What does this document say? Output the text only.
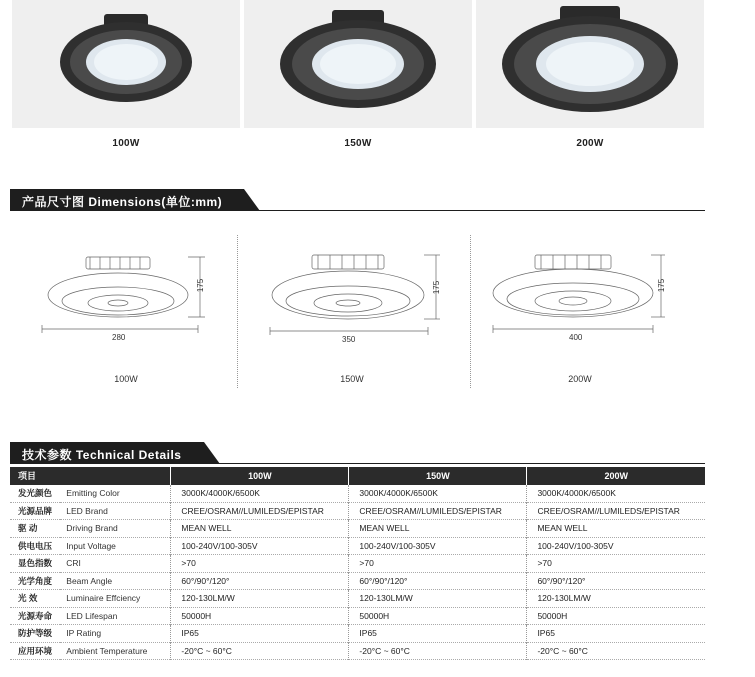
100W	150W	200W
产品尺寸图 Dimensions(单位:mm)
175
280
175
350
175
400
100W	150W	200W
技术参数 Technical Details
项目		100W	150W	200W
发光颜色	Emitting Color	3000K/4000K/6500K	3000K/4000K/6500K	3000K/4000K/6500K
光源品牌	LED Brand	CREE/OSRAM//LUMILEDS/EPISTAR	CREE/OSRAM//LUMILEDS/EPISTAR	CREE/OSRAM//LUMILEDS/EPISTAR
驱 动	Driving Brand	MEAN WELL	MEAN WELL	MEAN WELL
供电电压	Input Voltage	100-240V/100-305V	100-240V/100-305V	100-240V/100-305V
显色指数	CRI	>70	>70	>70
光学角度	Beam Angle	60°/90°/120°	60°/90°/120°	60°/90°/120°
光 效	Luminaire Effciency	120-130LM/W	120-130LM/W	120-130LM/W
光源寿命	LED Lifespan	50000H	50000H	50000H
防护等级	IP Rating	IP65	IP65	IP65
应用环境	Ambient Temperature	-20°C ~ 60°C	-20°C ~ 60°C	-20°C ~ 60°C
